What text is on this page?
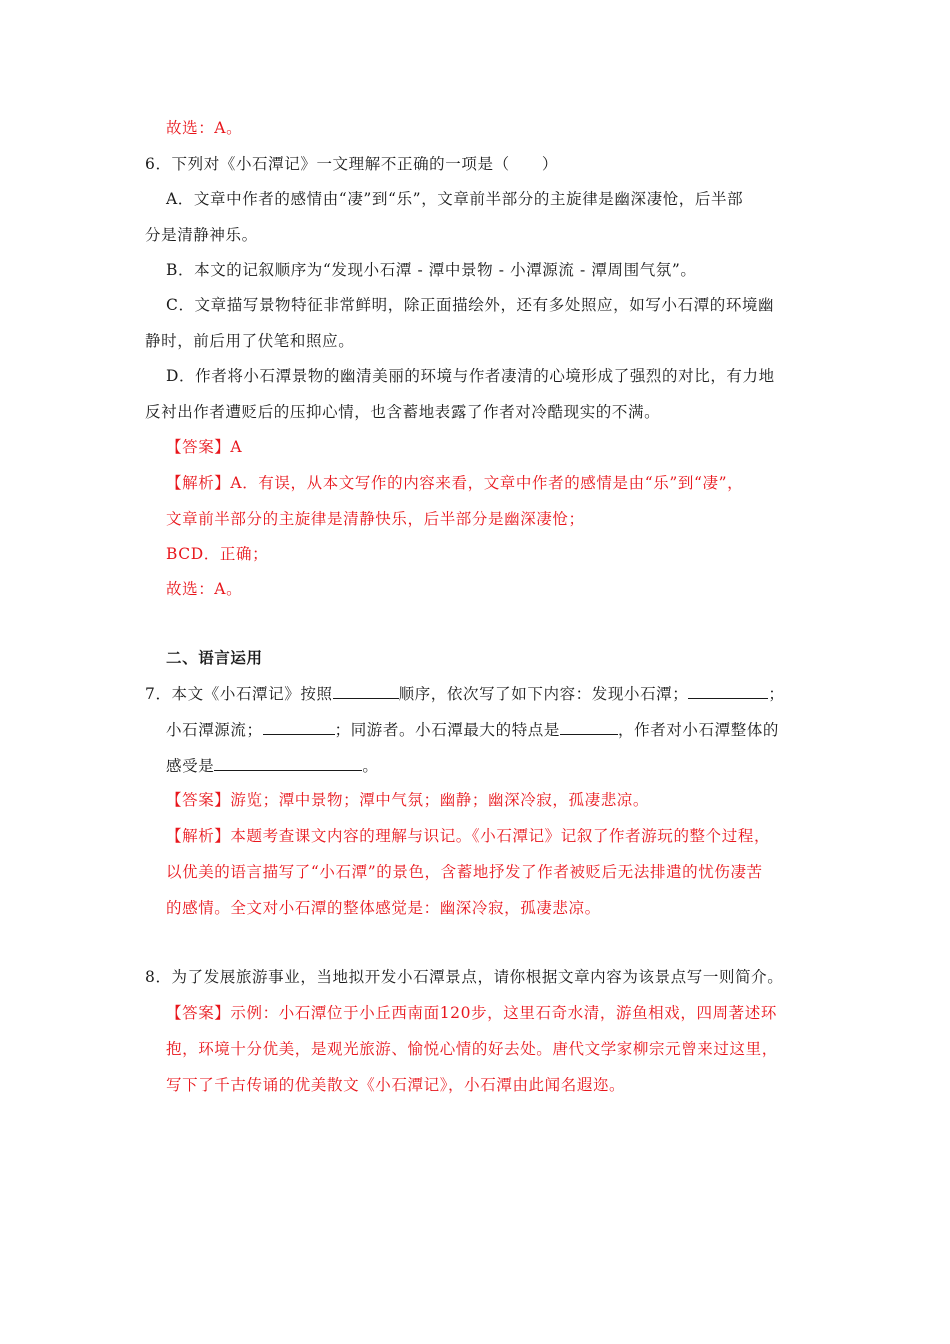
故选：A。
6．下列对《小石潭记》一文理解不正确的一项是（　　）
A．文章中作者的感情由“凄”到“乐”，文章前半部分的主旋律是幽深凄怆，后半部
分是清静神乐。
B．本文的记叙顺序为“发现小石潭 - 潭中景物 - 小潭源流 - 潭周围气氛”。
C．文章描写景物特征非常鲜明，除正面描绘外，还有多处照应，如写小石潭的环境幽
静时，前后用了伏笔和照应。
D．作者将小石潭景物的幽清美丽的环境与作者凄清的心境形成了强烈的对比，有力地
反衬出作者遭贬后的压抑心情，也含蓄地表露了作者对冷酷现实的不满。
【答案】A
【解析】A．有误，从本文写作的内容来看，文章中作者的感情是由“乐”到“凄”，
文章前半部分的主旋律是清静快乐，后半部分是幽深凄怆；
BCD．正确；
故选：A。
二、语言运用
7．本文《小石潭记》按照	顺序，依次写了如下内容：发现小石潭；	；
小石潭源流；	；同游者。小石潭最大的特点是	，作者对小石潭整体的
感受是	。
【答案】游览；潭中景物；潭中气氛；幽静；幽深冷寂，孤凄悲凉。
【解析】本题考查课文内容的理解与识记。《小石潭记》记叙了作者游玩的整个过程，
以优美的语言描写了“小石潭”的景色，含蓄地抒发了作者被贬后无法排遣的忧伤凄苦
的感情。全文对小石潭的整体感觉是：幽深冷寂，孤凄悲凉。
8．为了发展旅游事业，当地拟开发小石潭景点，请你根据文章内容为该景点写一则简介。
【答案】示例：小石潭位于小丘西南面120步，这里石奇水清，游鱼相戏，四周著述环
抱，环境十分优美，是观光旅游、愉悦心情的好去处。唐代文学家柳宗元曾来过这里，
写下了千古传诵的优美散文《小石潭记》，小石潭由此闻名遐迩。
